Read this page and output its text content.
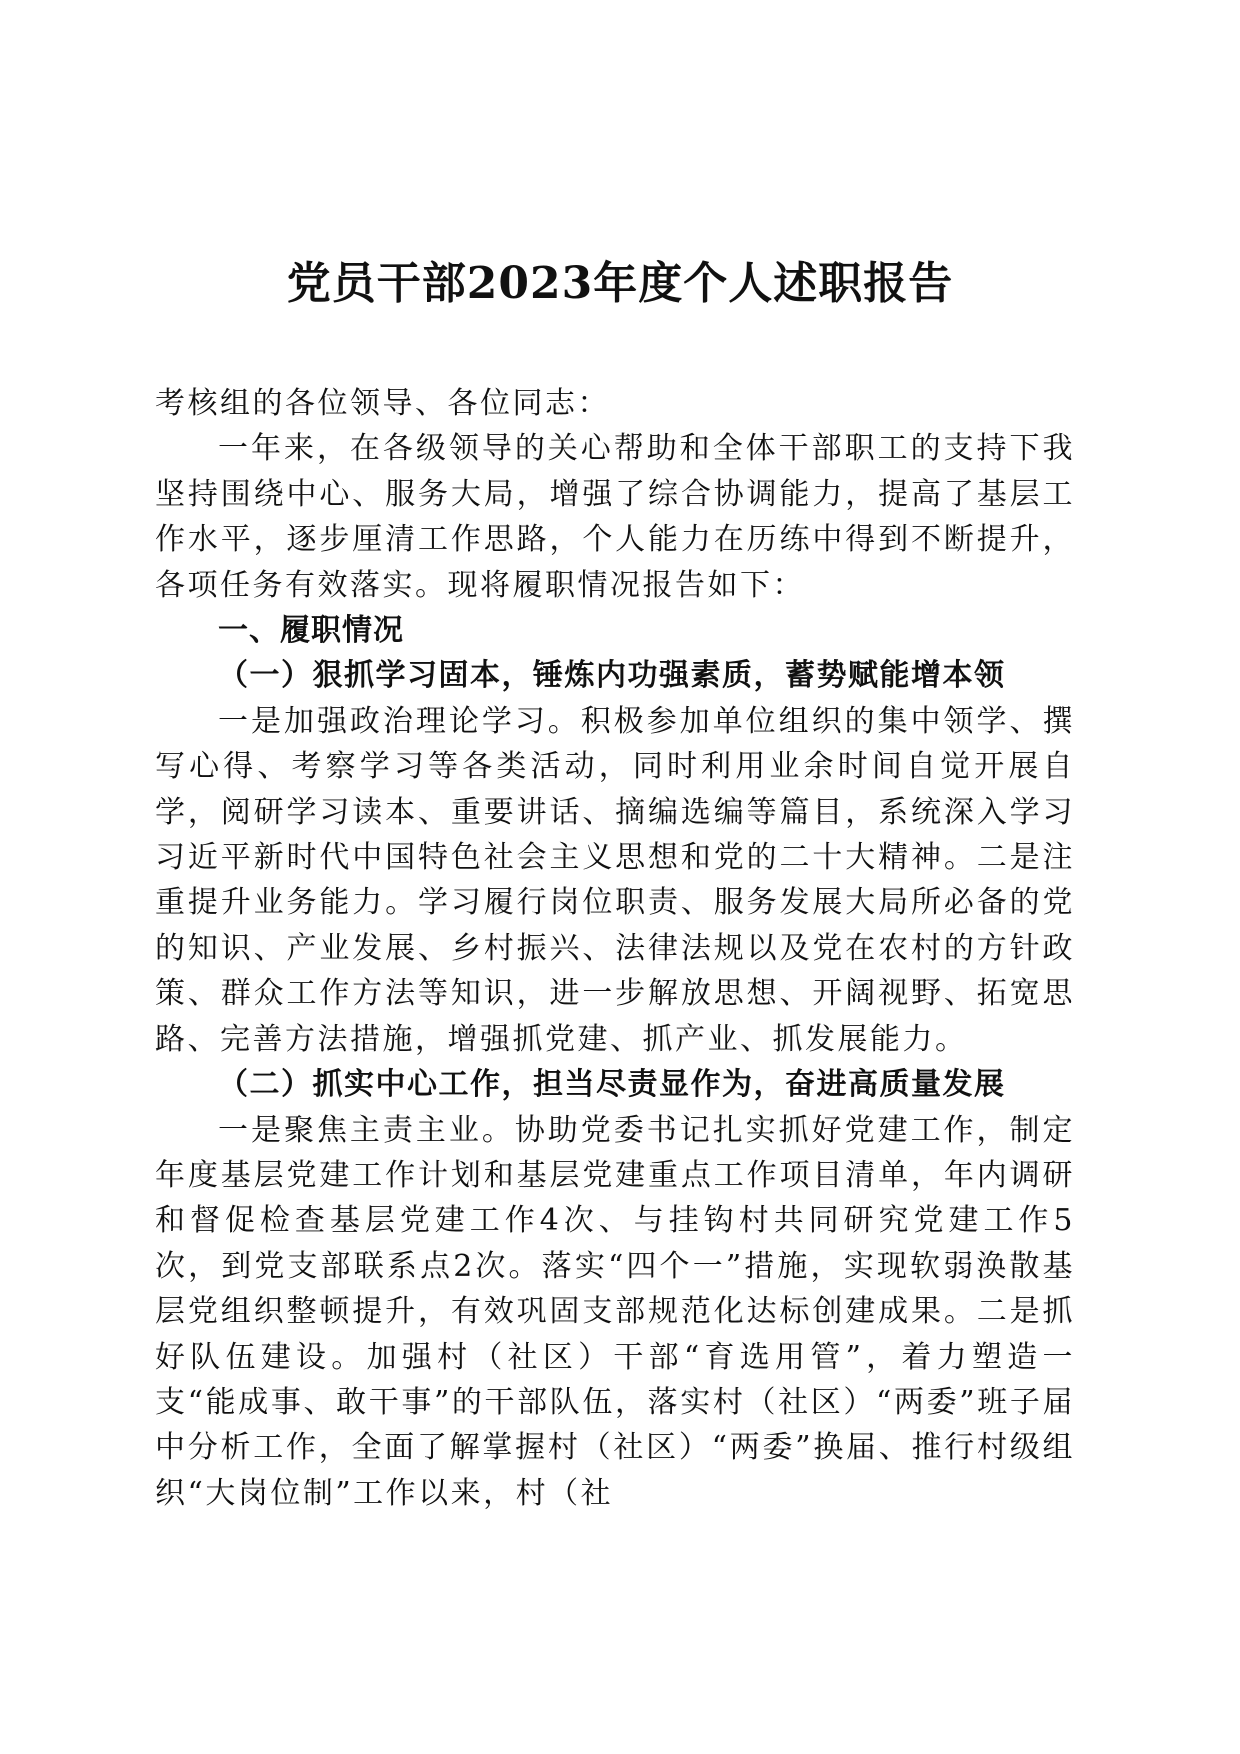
党员干部2023年度个人述职报告

考核组的各位领导、各位同志：

一年来，在各级领导的关心帮助和全体干部职工的支持下我坚持围绕中心、服务大局，增强了综合协调能力，提高了基层工作水平，逐步厘清工作思路，个人能力在历练中得到不断提升，各项任务有效落实。现将履职情况报告如下：

一、履职情况

（一）狠抓学习固本，锤炼内功强素质，蓄势赋能增本领

一是加强政治理论学习。积极参加单位组织的集中领学、撰写心得、考察学习等各类活动，同时利用业余时间自觉开展自学，阅研学习读本、重要讲话、摘编选编等篇目，系统深入学习习近平新时代中国特色社会主义思想和党的二十大精神。二是注重提升业务能力。学习履行岗位职责、服务发展大局所必备的党的知识、产业发展、乡村振兴、法律法规以及党在农村的方针政策、群众工作方法等知识，进一步解放思想、开阔视野、拓宽思路、完善方法措施，增强抓党建、抓产业、抓发展能力。

（二）抓实中心工作，担当尽责显作为，奋进高质量发展

一是聚焦主责主业。协助党委书记扎实抓好党建工作，制定年度基层党建工作计划和基层党建重点工作项目清单，年内调研和督促检查基层党建工作4次、与挂钩村共同研究党建工作5次，到党支部联系点2次。落实“四个一”措施，实现软弱涣散基层党组织整顿提升，有效巩固支部规范化达标创建成果。二是抓好队伍建设。加强村（社区）干部“育选用管”，着力塑造一支“能成事、敢干事”的干部队伍，落实村（社区）“两委”班子届中分析工作，全面了解掌握村（社区）“两委”换届、推行村级组织“大岗位制”工作以来，村（社
